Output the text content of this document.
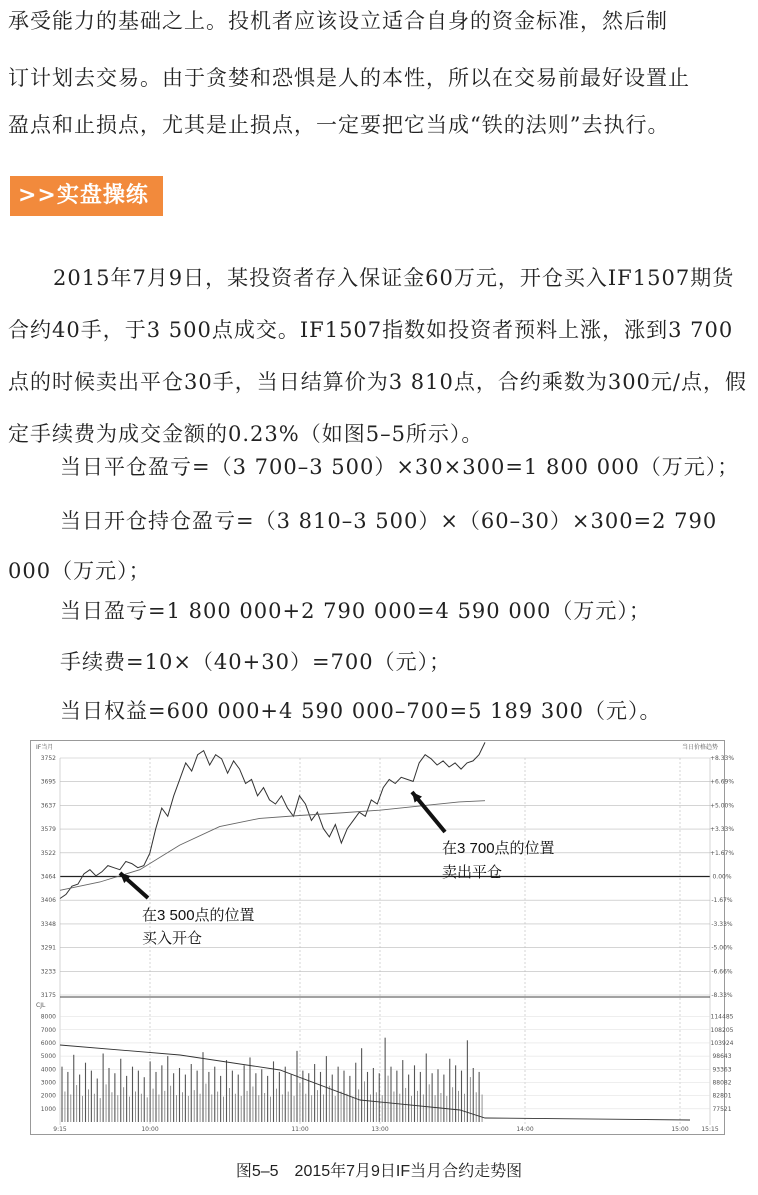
承受能力的基础之上。投机者应该设立适合自身的资金标准，然后制

订计划去交易。由于贪婪和恐惧是人的本性，所以在交易前最好设置止

盈点和止损点，尤其是止损点，一定要把它当成“铁的法则”去执行。

>>实盘操练

2015年7月9日，某投资者存入保证金60万元，开仓买入IF1507期货合约40手，于3 500点成交。IF1507指数如投资者预料上涨，涨到3 700点的时候卖出平仓30手，当日结算价为3 810点，合约乘数为300元/点，假定手续费为成交金额的0.23%（如图5–5所示）。

当日平仓盈亏=（3 700–3 500）×30×300=1 800 000（万元）；

当日开仓持仓盈亏=（3 810–3 500）×（60–30）×300=2 790 000（万元）；

当日盈亏=1 800 000+2 790 000=4 590 000（万元）；

手续费=10×（40+30）=700（元）；

当日权益=600 000+4 590 000–700=5 189 300（元）。

IF当月	当日价格趋势
3752	+8.33%
3695	+6.69%
3637	+5.00%
3579	+3.33%
3522	+1.67%
3464	0.00%
3406	-1.67%
3348	-3.33%
3291	-5.00%
3233	-6.66%
3175	-8.33%
9:15	10:00	11:00	13:00	14:00	15:00 15:15
CJL
8000	114485
7000	108205
6000	103924
5000	98643
4000	93363
3000	88082
2000	82801
1000	77521
在3 500点的位置
买入开仓
在3 700点的位置
卖出平仓
图5–5　2015年7月9日IF当月合约走势图
